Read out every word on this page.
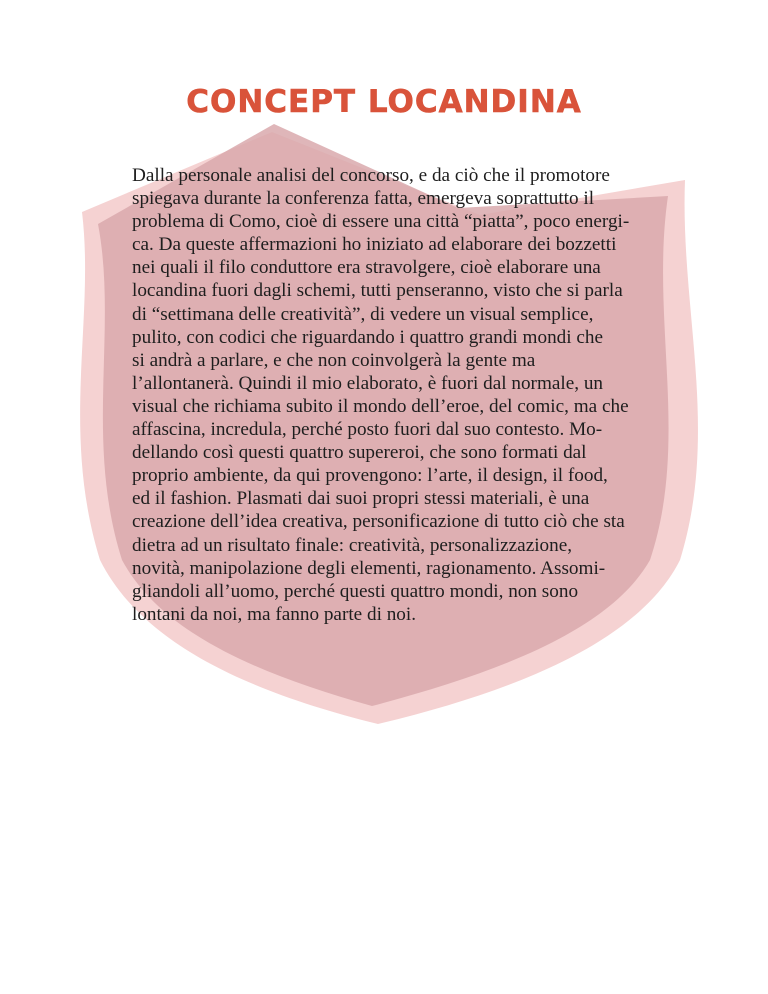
CONCEPT LOCANDINA
Dalla personale analisi del concorso, e da ciò che il promotore
spiegava durante la conferenza fatta, emergeva soprattutto il
problema di Como, cioè di essere una città “piatta”, poco energi-
ca. Da queste affermazioni ho iniziato ad elaborare dei bozzetti
nei quali il filo conduttore era stravolgere, cioè elaborare una
locandina fuori dagli schemi, tutti penseranno, visto che si parla
di “settimana delle creatività”, di vedere un visual semplice,
pulito, con codici che riguardando i quattro grandi mondi che
si andrà a parlare, e che non coinvolgerà la gente ma
l’allontanerà. Quindi il mio elaborato, è fuori dal normale, un
visual che richiama subito il mondo dell’eroe, del comic, ma che
affascina, incredula, perché posto fuori dal suo contesto. Mo-
dellando così questi quattro supereroi, che sono formati dal
proprio ambiente, da qui provengono: l’arte, il design, il food,
ed il fashion. Plasmati dai suoi propri stessi materiali, è una
creazione dell’idea creativa, personificazione di tutto ciò che sta
dietra ad un risultato finale: creatività, personalizzazione,
novità, manipolazione degli elementi, ragionamento. Assomi-
gliandoli all’uomo, perché questi quattro mondi, non sono
lontani da noi, ma fanno parte di noi.
